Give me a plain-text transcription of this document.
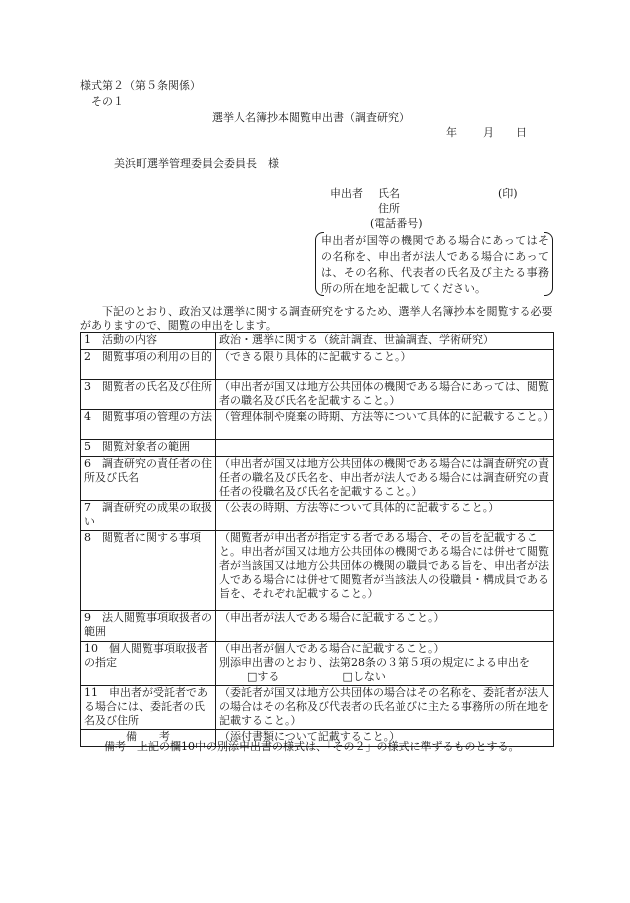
様式第２（第５条関係）
その１
選挙人名簿抄本閲覧申出書（調査研究）
年 月 日
美浜町選挙管理委員会委員長　様
申出者 氏名	(印)
住所
(電話番号)
申出者が国等の機関である場合にあってはその名称を、申出者が法人である場合にあっては、その名称、代表者の氏名及び主たる事務所の所在地を記載してください。
下記のとおり、政治又は選挙に関する調査研究をするため、選挙人名簿抄本を閲覧する必要がありますので、閲覧の申出をします。
1　活動の内容	政治・選挙に関する（統計調査、世論調査、学術研究）
2　閲覧事項の利用の目的	（できる限り具体的に記載すること。）
3　閲覧者の氏名及び住所	（申出者が国又は地方公共団体の機関である場合にあっては、閲覧者の職名及び氏名を記載すること。）
4　閲覧事項の管理の方法	（管理体制や廃棄の時期、方法等について具体的に記載すること。）
5　閲覧対象者の範囲	
6　調査研究の責任者の住所及び氏名	（申出者が国又は地方公共団体の機関である場合には調査研究の責任者の職名及び氏名を、申出者が法人である場合には調査研究の責任者の役職名及び氏名を記載すること。）
7　調査研究の成果の取扱い	（公表の時期、方法等について具体的に記載すること。）
8　閲覧者に関する事項	（閲覧者が申出者が指定する者である場合、その旨を記載すること。申出者が国又は地方公共団体の機関である場合には併せて閲覧者が当該国又は地方公共団体の機関の職員である旨を、申出者が法人である場合には併せて閲覧者が当該法人の役職員・構成員である旨を、それぞれ記載すること。）
9　法人閲覧事項取扱者の範囲	（申出者が法人である場合に記載すること。）
10　個人閲覧事項取扱者の指定	（申出者が個人である場合に記載すること。）
別添申出書のとおり、法第28条の３第５項の規定による申出を
□する □しない

11　申出者が受託者である場合には、委託者の氏名及び住所	（委託者が国又は地方公共団体の場合はその名称を、委託者が法人の場合はその名称及び代表者の氏名並びに主たる事務所の所在地を記載すること。）
備　　考	（添付書類について記載すること。）
備考　上記の欄10中の別添申出書の様式は、「その２」の様式に準ずるものとする。
